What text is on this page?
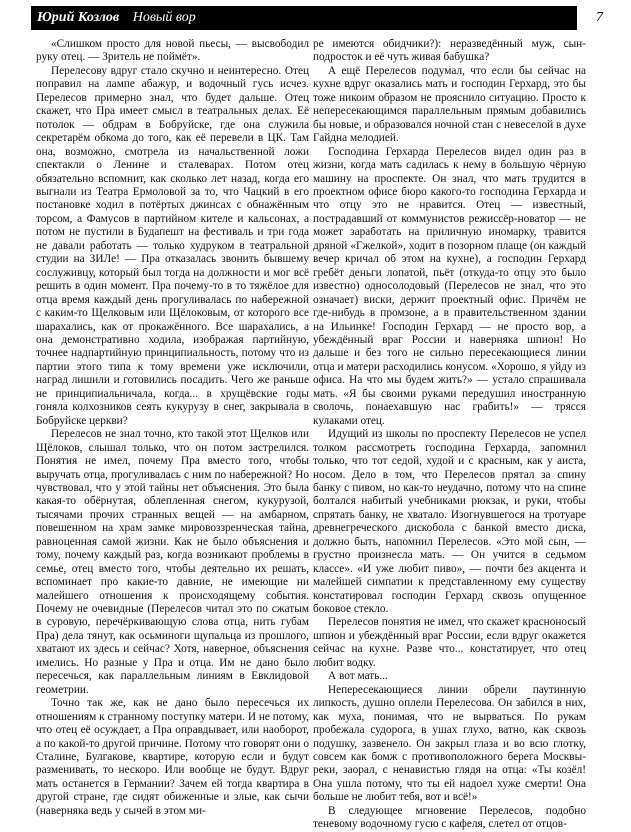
Юрий Козлов Новый вор	7

«Слишком просто для новой пьесы, — высвободил руку отец. — Зритель не поймёт».

Перелесову вдруг стало скучно и неинтересно. Отец поправил на лампе абажур, и водочный гусь исчез. Перелесов примерно знал, что будет дальше. Отец скажет, что Пра имеет смысл в театральных делах. Её потолок — обдрам в Бобруйске, где она служила секретарём обкома до того, как её перевели в ЦК. Там она, возможно, смотрела из начальственной ложи спектакли о Ленине и сталеварах. Потом отец обязательно вспомнит, как сколько лет назад, когда его выгнали из Театра Ермоловой за то, что Чацкий в его постановке ходил в потёртых джинсах с обнажённым торсом, а Фамусов в партийном кителе и кальсонах, а потом не пустили в Будапешт на фестиваль и три года не давали работать — только худруком в театральной студии на ЗИЛе! — Пра отказалась звонить бывшему сослуживцу, который был тогда на должности и мог всё решить в один момент. Пра почему-то в то тяжёлое для отца время каждый день прогуливалась по набережной с каким-то Щелковым или Щёлоковым, от которого все шарахались, как от прокажённого. Все шарахались, а она демонстративно ходила, изображая партийную, точнее надпартийную принципиальность, потому что из партии этого типа к тому времени уже исключили, наград лишили и готовились посадить. Чего же раньше не принципиальничала, когда... в хрущёвские годы гоняла колхозников сеять кукурузу в снег, закрывала в Бобруйске церкви?

Перелесов не знал точно, кто такой этот Щелков или Щёлоков, слышал только, что он потом застрелился. Понятия не имел, почему Пра вместо того, чтобы выручать отца, прогуливалась с ним по набережной? Но чувствовал, что у этой тайны нет объяснения. Это была какая-то обёрнутая, облепленная снегом, кукурузой, тысячами прочих странных вещей — на амбарном, повешенном на храм замке мировоззренческая тайна, равноценная самой жизни. Как не было объяснения и тому, почему каждый раз, когда возникают проблемы в семье, отец вместо того, чтобы деятельно их решать, вспоминает про какие-то давние, не имеющие ни малейшего отношения к происходящему события. Почему не очевидные (Перелесов читал это по сжатым в суровую, перечёркивающую слова отца, нить губам Пра) дела тянут, как осьминоги щупальца из прошлого, хватают их здесь и сейчас? Хотя, наверное, объяснения имелись. Но разные у Пра и отца. Им не дано было пересечься, как параллельным линиям в Евклидовой геометрии.

Точно так же, как не дано было пересечься их отношениям к странному поступку матери. И не потому, что отец её осуждает, а Пра оправдывает, или наоборот, а по какой-то другой причине. Потому что говорят они о Сталине, Булгакове, квартире, которую если и будут разменивать, то нескоро. Или вообще не будут. Вдруг мать останется в Германии? Зачем ей тогда квартира в другой стране, где сидят обиженные и злые, как сычи (наверняка ведь у сычей в этом ми-

ре имеются обидчики?): неразведённый муж, сын-подросток и её чуть живая бабушка?

А ещё Перелесов подумал, что если бы сейчас на кухне вдруг оказались мать и господин Герхард, это бы тоже никоим образом не прояснило ситуацию. Просто к непересекающимся параллельным прямым добавились бы новые, и образовался ночной стан с невеселой в духе Гайдна мелодией.

Господина Герхарда Перелесов видел один раз в жизни, когда мать садилась к нему в большую чёрную машину на проспекте. Он знал, что мать трудится в проектном офисе бюро какого-то господина Герхарда и что отцу это не нравится. Отец — известный, пострадавший от коммунистов режиссёр-новатор — не может заработать на приличную иномарку, травится дряной «Гжелкой», ходит в позорном плаще (он каждый вечер кричал об этом на кухне), а господин Герхард гребёт деньги лопатой, пьёт (откуда-то отцу это было известно) односолодовый (Перелесов не знал, что это означает) виски, держит проектный офис. Причём не где-нибудь в промзоне, а в правительственном здании на Ильинке! Господин Герхард — не просто вор, а убеждённый враг России и наверняка шпион! Но дальше и без того не сильно пересекающиеся линии отца и матери расходились конусом. «Хорошо, я уйду из офиса. На что мы будем жить?» — устало спрашивала мать. «Я бы своими руками передушил иностранную сволочь, понаехавшую нас грабить!» — трясся кулаками отец.

Идущий из школы по проспекту Перелесов не успел толком рассмотреть господина Герхарда, запомнил только, что тот седой, худой и с красным, как у аиста, носом. Дело в том, что Перелесов прятал за спину банку с пивом, но как-то неудачно, потому что на спине болтался набитый учебниками рюкзак, и руки, чтобы спрятать банку, не хватало. Изогнувшегося на тротуаре древнегреческого дискобола с банкой вместо диска, должно быть, напомнил Перелесов. «Это мой сын, — грустно произнесла мать. — Он учится в седьмом классе». «И уже любит пиво», — почти без акцента и малейшей симпатии к представленному ему существу констатировал господин Герхард сквозь опущенное боковое стекло.

Перелесов понятия не имел, что скажет красноносый шпион и убеждённый враг России, если вдруг окажется сейчас на кухне. Разве что... констатирует, что отец любит водку.

А вот мать...

Непересекающиеся линии обрели паутинную липкость, душно оплели Перелесова. Он забился в них, как муха, понимая, что не вырваться. По рукам пробежала судорога, в ушах глухо, ватно, как сквозь подушку, зазвенело. Он закрыл глаза и во всю глотку, совсем как бомж с противоположного берега Москвы-реки, заорал, с ненавистью глядя на отца: «Ты козёл! Она ушла потому, что ты ей надоел хуже смерти! Она больше не любит тебя, вот и всё!»

В следующее мгновение Перелесов, подобно теневому водочному гусю с кафеля, слетел от отцов-
